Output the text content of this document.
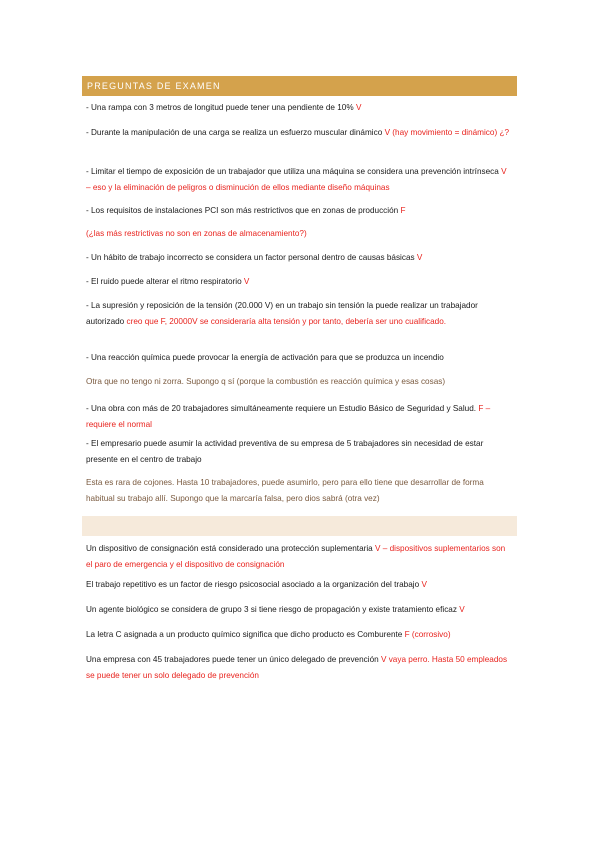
PREGUNTAS DE EXAMEN
- Una rampa con 3 metros de longitud puede tener una pendiente de 10% V
- Durante la manipulación de una carga se realiza un esfuerzo muscular dinámico V (hay movimiento = dinámico) ¿?
- Limitar el tiempo de exposición de un trabajador que utiliza una máquina se considera una prevención intrínseca V – eso y la eliminación de peligros o disminución de ellos mediante diseño máquinas
- Los requisitos de instalaciones PCI son más restrictivos que en zonas de producción F
(¿las más restrictivas no son en zonas de almacenamiento?)
- Un hábito de trabajo incorrecto se considera un factor personal dentro de causas básicas V
- El ruido puede alterar el ritmo respiratorio V
- La supresión y reposición de la tensión (20.000 V) en un trabajo sin tensión la puede realizar un trabajador autorizado creo que F, 20000V se consideraría alta tensión y por tanto, debería ser uno cualificado.
- Una reacción química puede provocar la energía de activación para que se produzca un incendio
Otra que no tengo ni zorra. Supongo q sí (porque la combustión es reacción química y esas cosas)
- Una obra con más de 20 trabajadores simultáneamente requiere un Estudio Básico de Seguridad y Salud. F – requiere el normal
- El empresario puede asumir la actividad preventiva de su empresa de 5 trabajadores sin necesidad de estar presente en el centro de trabajo
Esta es rara de cojones. Hasta 10 trabajadores, puede asumirlo, pero para ello tiene que desarrollar de forma habitual su trabajo allí. Supongo que la marcaría falsa, pero dios sabrá (otra vez)
Un dispositivo de consignación está considerado una protección suplementaria V – dispositivos suplementarios son el paro de emergencia y el dispositivo de consignación
El trabajo repetitivo es un factor de riesgo psicosocial asociado a la organización del trabajo V
Un agente biológico se considera de grupo 3 si tiene riesgo de propagación y existe tratamiento eficaz V
La letra C asignada a un producto químico significa que dicho producto es Comburente F (corrosivo)
Una empresa con 45 trabajadores puede tener un único delegado de prevención V vaya perro. Hasta 50 empleados se puede tener un solo delegado de prevención
